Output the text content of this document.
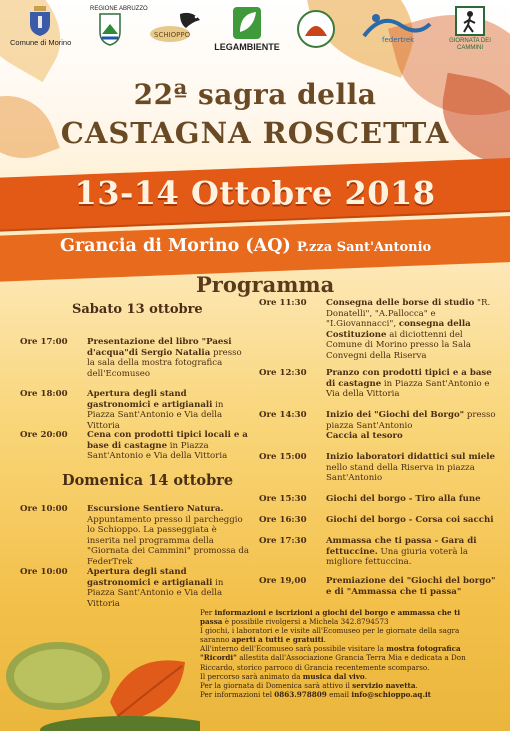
Comune di Morino
REGIONE ABRUZZO
SCHIOPPO
LEGAMBIENTE
federtrek	GIORNATA DEI CAMMINI
22ª sagra della
CASTAGNA ROSCETTA
13-14 Ottobre 2018
Grancia di Morino (AQ) P.zza Sant'Antonio
Programma
Sabato 13 ottobre
Ore 17:00 Presentazione del libro "Paesi d'acqua"di Sergio Natalia presso la sala della mostra fotografica dell'Ecomuseo
Ore 18:00 Apertura degli stand gastronomici e artigianali in Piazza Sant'Antonio e Via della Vittoria
Ore 20:00 Cena con prodotti tipici locali e a base di castagne in Piazza Sant'Antonio e Via della Vittoria
Domenica 14 ottobre
Ore 10:00 Escursione Sentiero Natura. Appuntamento presso il parcheggio lo Schioppo. La passeggiata è inserita nel programma della "Giornata dei Cammini" promossa da FederTrek
Ore 10:00 Apertura degli stand gastronomici e artigianali in Piazza Sant'Antonio e Via della Vittoria
Per informazioni e iscrizioni a giochi del borgo e ammassa che ti passa è possibile rivolgersi a Michela 342.8794573
I giochi, i laboratori e le visite all'Ecomuseo per le giornate della sagra saranno aperti a tutti e gratuiti.
All'interno dell'Ecomuseo sarà possibile visitare la mostra fotografica "Ricordi" allestita dall'Associazione Grancia Terra Mia e dedicata a Don Riccardo, storico parroco di Grancia recentemente scomparso.
Il percorso sarà animato da musica dal vivo.
Per la giornata di Domenica sarà attivo il servizio navetta.
Per informazioni tel 0863.978809 email info@schioppo.aq.it
Ore 11:30 Consegna delle borse di studio "R. Donatelli", "A.Pallocca" e "I.Giovannacci", consegna della Costituzione ai diciottenni del Comune di Morino presso la Sala Convegni della Riserva
Ore 12:30 Pranzo con prodotti tipici e a base di castagne in Piazza Sant'Antonio e Via della Vittoria
Ore 14:30 Inizio dei "Giochi del Borgo" presso piazza Sant'Antonio
Caccia al tesoro
Ore 15:00 Inizio laboratori didattici sul miele nello stand della Riserva in piazza Sant'Antonio
Ore 15:30 Giochi del borgo - Tiro alla fune
Ore 16:30 Giochi del borgo - Corsa coi sacchi
Ore 17:30 Ammassa che ti passa - Gara di fettuccine. Una giuria voterà la migliore fettuccina.
Ore 19,00 Premiazione dei "Giochi del borgo" e di "Ammassa che ti passa"
